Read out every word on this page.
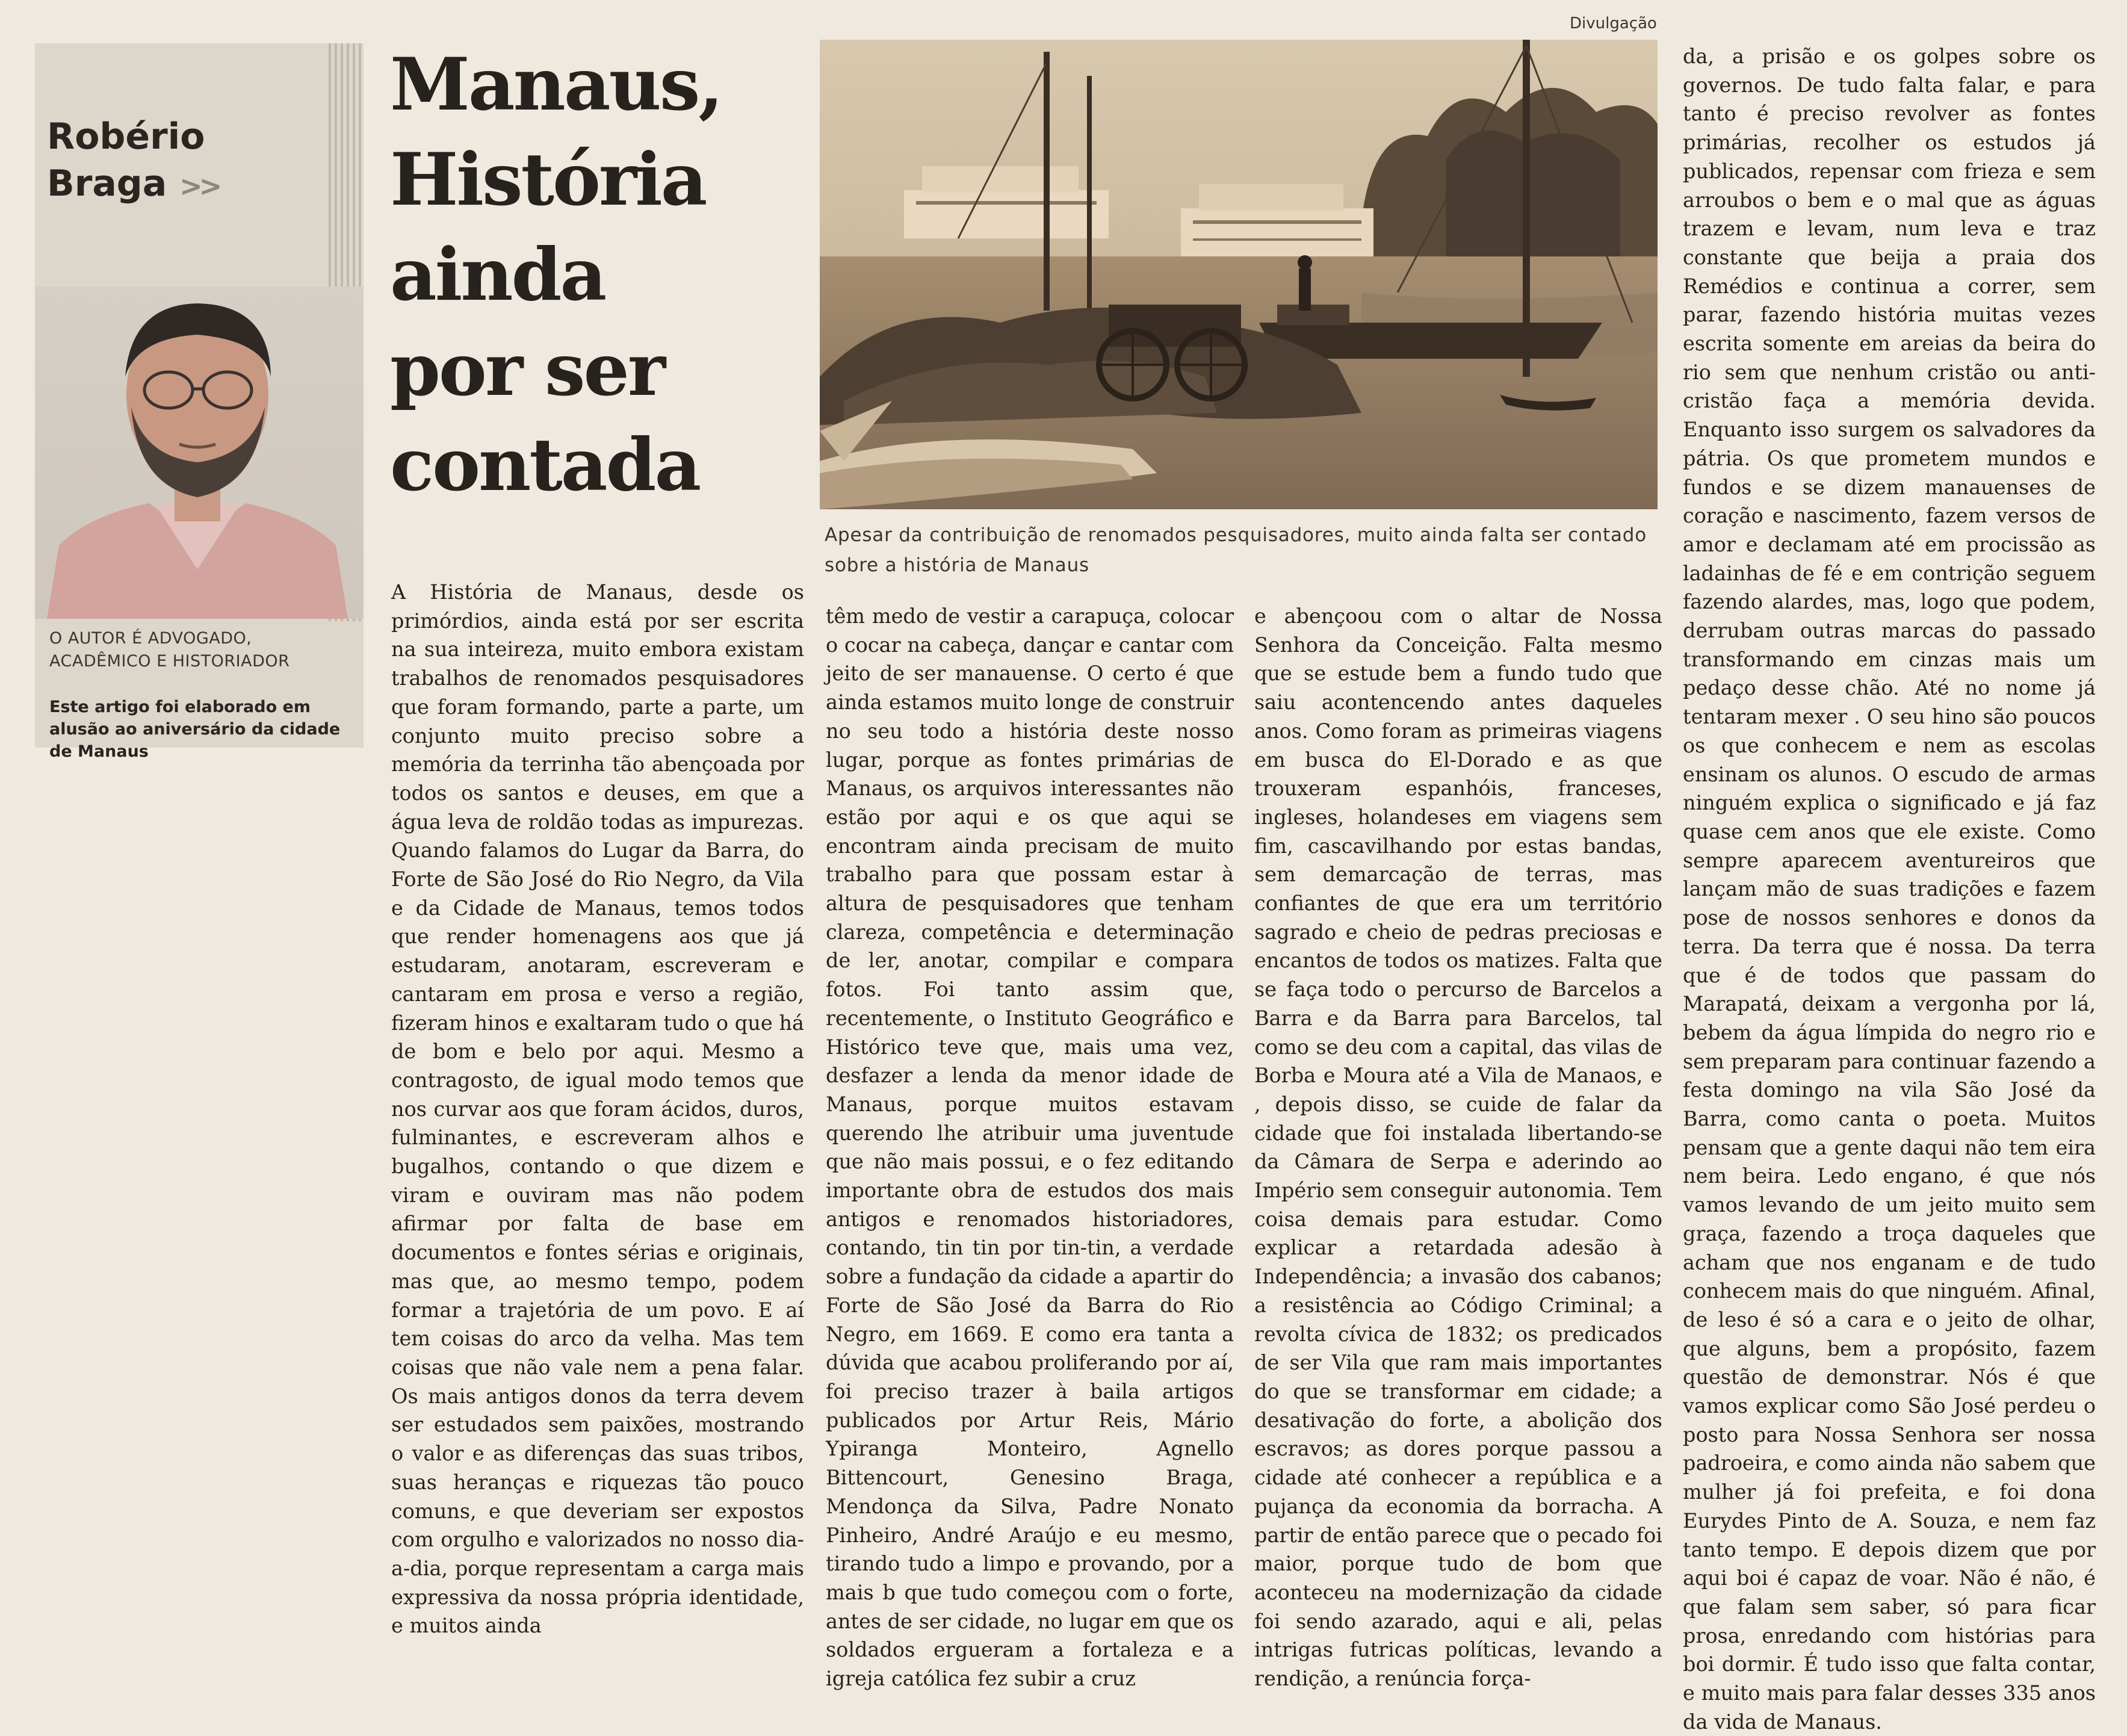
Robério
Braga >>
O AUTOR É ADVOGADO, ACADÊMICO E HISTORIADOR
Este artigo foi elaborado em alusão ao aniversário da cidade de Manaus
Manaus,
História
ainda
por ser
contada
Divulgação
Apesar da contribuição de renomados pesquisadores, muito ainda falta ser contado sobre a história de Manaus
A História de Manaus, desde os primórdios, ainda está por ser escrita na sua inteireza, muito embora existam trabalhos de renomados pesquisadores que foram formando, parte a parte, um conjunto muito preciso sobre a memória da terrinha tão abençoada por todos os santos e deuses, em que a água leva de roldão todas as impurezas. Quando falamos do Lugar da Barra, do Forte de São José do Rio Negro, da Vila e da Cidade de Manaus, temos todos que render homenagens aos que já estudaram, anotaram, escreveram e cantaram em prosa e verso a região, fizeram hinos e exaltaram tudo o que há de bom e belo por aqui. Mesmo a contragosto, de igual modo temos que nos curvar aos que foram ácidos, duros, fulminantes, e escreveram alhos e bugalhos, contando o que dizem e viram e ouviram mas não podem afirmar por falta de base em documentos e fontes sérias e originais, mas que, ao mesmo tempo, podem formar a trajetória de um povo. E aí tem coisas do arco da velha. Mas tem coisas que não vale nem a pena falar. Os mais antigos donos da terra devem ser estudados sem paixões, mostrando o valor e as diferenças das suas tribos, suas heranças e riquezas tão pouco comuns, e que deveriam ser expostos com orgulho e valorizados no nosso dia-a-dia, porque representam a carga mais expressiva da nossa própria identidade, e muitos ainda
têm medo de vestir a carapuça, colocar o cocar na cabeça, dançar e cantar com jeito de ser manauense. O certo é que ainda estamos muito longe de construir no seu todo a história deste nosso lugar, porque as fontes primárias de Manaus, os arquivos interessantes não estão por aqui e os que aqui se encontram ainda precisam de muito trabalho para que possam estar à altura de pesquisadores que tenham clareza, competência e determinação de ler, anotar, compilar e compara fotos. Foi tanto assim que, recentemente, o Instituto Geográfico e Histórico teve que, mais uma vez, desfazer a lenda da menor idade de Manaus, porque muitos estavam querendo lhe atribuir uma juventude que não mais possui, e o fez editando importante obra de estudos dos mais antigos e renomados historiadores, contando, tin tin por tin-tin, a verdade sobre a fundação da cidade a apartir do Forte de São José da Barra do Rio Negro, em 1669. E como era tanta a dúvida que acabou proliferando por aí, foi preciso trazer à baila artigos publicados por Artur Reis, Mário Ypiranga Monteiro, Agnello Bittencourt, Genesino Braga, Mendonça da Silva, Padre Nonato Pinheiro, André Araújo e eu mesmo, tirando tudo a limpo e provando, por a mais b que tudo começou com o forte, antes de ser cidade, no lugar em que os soldados ergueram a fortaleza e a igreja católica fez subir a cruz
e abençoou com o altar de Nossa Senhora da Conceição. Falta mesmo que se estude bem a fundo tudo que saiu acontencendo antes daqueles anos. Como foram as primeiras viagens em busca do El-Dorado e as que trouxeram espanhóis, franceses, ingleses, holandeses em viagens sem fim, cascavilhando por estas bandas, sem demarcação de terras, mas confiantes de que era um território sagrado e cheio de pedras preciosas e encantos de todos os matizes. Falta que se faça todo o percurso de Barcelos a Barra e da Barra para Barcelos, tal como se deu com a capital, das vilas de Borba e Moura até a Vila de Manaos, e , depois disso, se cuide de falar da cidade que foi instalada libertando-se da Câmara de Serpa e aderindo ao Império sem conseguir autonomia. Tem coisa demais para estudar. Como explicar a retardada adesão à Independência; a invasão dos cabanos; a resistência ao Código Criminal; a revolta cívica de 1832; os predicados de ser Vila que ram mais importantes do que se transformar em cidade; a desativação do forte, a abolição dos escravos; as dores porque passou a cidade até conhecer a república e a pujança da economia da borracha. A partir de então parece que o pecado foi maior, porque tudo de bom que aconteceu na modernização da cidade foi sendo azarado, aqui e ali, pelas intrigas futricas políticas, levando a rendição, a renúncia força-
da, a prisão e os golpes sobre os governos. De tudo falta falar, e para tanto é preciso revolver as fontes primárias, recolher os estudos já publicados, repensar com frieza e sem arroubos o bem e o mal que as águas trazem e levam, num leva e traz constante que beija a praia dos Remédios e continua a correr, sem parar, fazendo história muitas vezes escrita somente em areias da beira do rio sem que nenhum cristão ou anti-cristão faça a memória devida. Enquanto isso surgem os salvadores da pátria. Os que prometem mundos e fundos e se dizem manauenses de coração e nascimento, fazem versos de amor e declamam até em procissão as ladainhas de fé e em contrição seguem fazendo alardes, mas, logo que podem, derrubam outras marcas do passado transformando em cinzas mais um pedaço desse chão. Até no nome já tentaram mexer . O seu hino são poucos os que conhecem e nem as escolas ensinam os alunos. O escudo de armas ninguém explica o significado e já faz quase cem anos que ele existe. Como sempre aparecem aventureiros que lançam mão de suas tradições e fazem pose de nossos senhores e donos da terra. Da terra que é nossa. Da terra que é de todos que passam do Marapatá, deixam a vergonha por lá, bebem da água límpida do negro rio e sem preparam para continuar fazendo a festa domingo na vila São José da Barra, como canta o poeta. Muitos pensam que a gente daqui não tem eira nem beira. Ledo engano, é que nós vamos levando de um jeito muito sem graça, fazendo a troça daqueles que acham que nos enganam e de tudo conhecem mais do que ninguém. Afinal, de leso é só a cara e o jeito de olhar, que alguns, bem a propósito, fazem questão de demonstrar. Nós é que vamos explicar como São José perdeu o posto para Nossa Senhora ser nossa padroeira, e como ainda não sabem que mulher já foi prefeita, e foi dona Eurydes Pinto de A. Souza, e nem faz tanto tempo. E depois dizem que por aqui boi é capaz de voar. Não é não, é que falam sem saber, só para ficar prosa, enredando com histórias para boi dormir. É tudo isso que falta contar, e muito mais para falar desses 335 anos da vida de Manaus.
